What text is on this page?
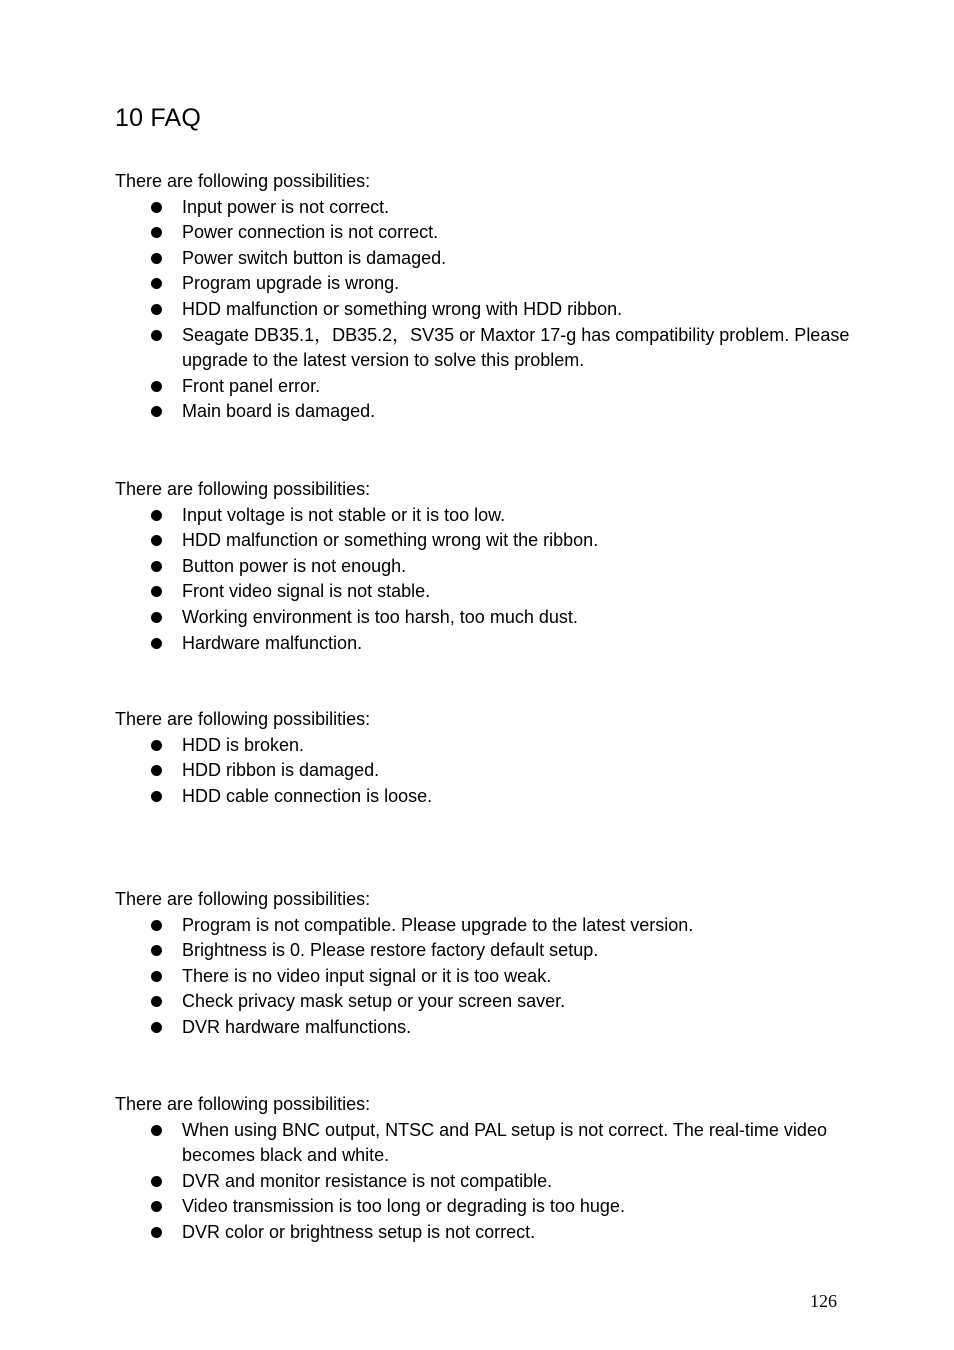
10 FAQ

There are following possibilities:

Input power is not correct.
Power connection is not correct.
Power switch button is damaged.
Program upgrade is wrong.
HDD malfunction or something wrong with HDD ribbon.
Seagate DB35.1，DB35.2，SV35 or Maxtor 17-g has compatibility problem. Please upgrade to the latest version to solve this problem.
Front panel error.
Main board is damaged.

There are following possibilities:

Input voltage is not stable or it is too low.
HDD malfunction or something wrong wit the ribbon.
Button power is not enough.
Front video signal is not stable.
Working environment is too harsh, too much dust.
Hardware malfunction.

There are following possibilities:

HDD is broken.
HDD ribbon is damaged.
HDD cable connection is loose.

There are following possibilities:

Program is not compatible. Please upgrade to the latest version.
Brightness is 0. Please restore factory default setup.
There is no video input signal or it is too weak.
Check privacy mask setup or your screen saver.
DVR hardware malfunctions.

There are following possibilities:

When using BNC output, NTSC and PAL setup is not correct. The real-time video becomes black and white.
DVR and monitor resistance is not compatible.
Video transmission is too long or degrading is too huge.
DVR color or brightness setup is not correct.
126
